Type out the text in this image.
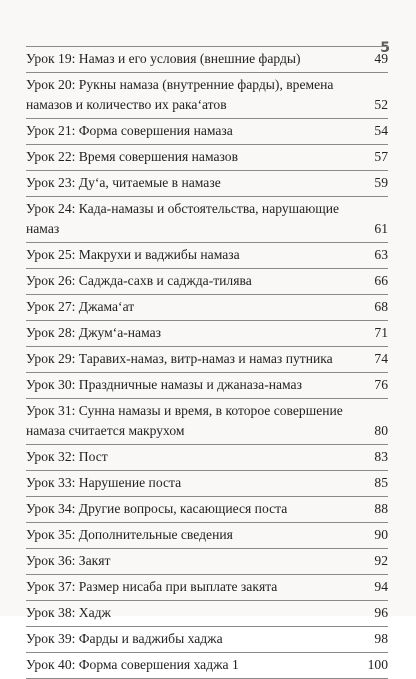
5
Урок 19: Намаз и его условия (внешние фарды)	49
Урок 20: Рукны намаза (внутренние фарды), времена намазов и количество их рака‘атов	52
Урок 21: Форма совершения намаза	54
Урок 22: Время совершения намазов	57
Урок 23: Ду‘а, читаемые в намазе	59
Урок 24: Када-намазы и обстоятельства, нарушающие намаз	61
Урок 25: Макрухи и ваджибы намаза	63
Урок 26: Саджда-сахв и саджда-тилява	66
Урок 27: Джама‘ат	68
Урок 28: Джум‘а-намаз	71
Урок 29: Таравих-намаз, витр-намаз и намаз путника	74
Урок 30: Праздничные намазы и джаназа-намаз	76
Урок 31: Сунна намазы и время, в которое совершение намаза считается макрухом	80
Урок 32: Пост	83
Урок 33: Нарушение поста	85
Урок 34: Другие вопросы, касающиеся поста	88
Урок 35: Дополнительные сведения	90
Урок 36: Закят	92
Урок 37: Размер нисаба при выплате закята	94
Урок 38: Хадж	96
Урок 39: Фарды и ваджибы хаджа	98
Урок 40: Форма совершения хаджа 1	100
